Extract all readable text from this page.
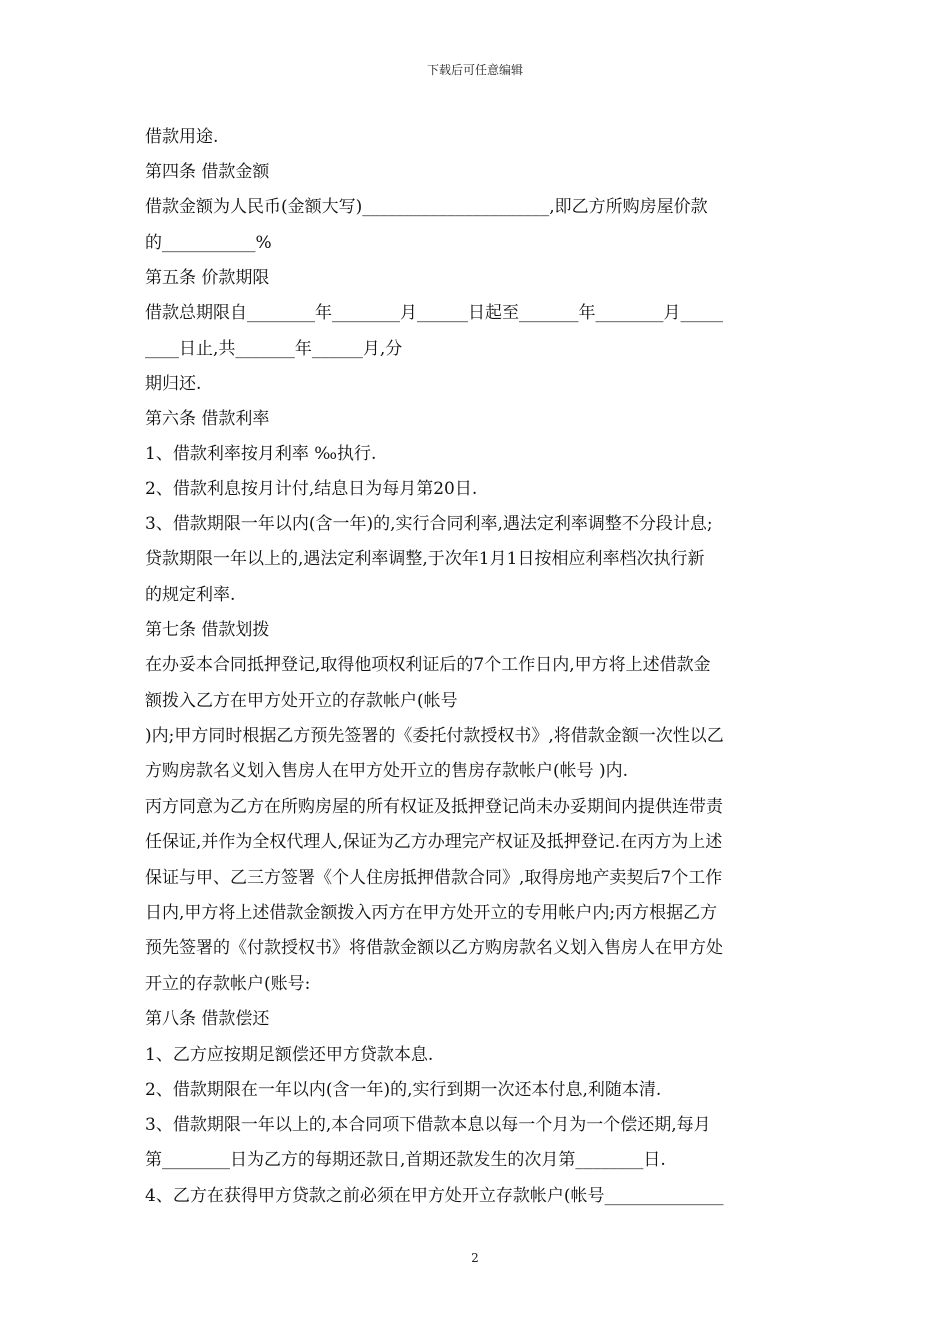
下载后可任意编辑
借款用途.
第四条 借款金额
借款金额为人民币(金额大写)______________________,即乙方所购房屋价款
的___________%
第五条 价款期限
借款总期限自________年________月______日起至_______年________月_____
____日止,共_______年______月,分
期归还.
第六条 借款利率
1、借款利率按月利率 ‰执行.
2、借款利息按月计付,结息日为每月第20日.
3、借款期限一年以内(含一年)的,实行合同利率,遇法定利率调整不分段计息;
贷款期限一年以上的,遇法定利率调整,于次年1月1日按相应利率档次执行新
的规定利率.
第七条 借款划拨
在办妥本合同抵押登记,取得他项权利证后的7个工作日内,甲方将上述借款金
额拨入乙方在甲方处开立的存款帐户(帐号
)内;甲方同时根据乙方预先签署的《委托付款授权书》,将借款金额一次性以乙
方购房款名义划入售房人在甲方处开立的售房存款帐户(帐号 )内.
丙方同意为乙方在所购房屋的所有权证及抵押登记尚未办妥期间内提供连带责
任保证,并作为全权代理人,保证为乙方办理完产权证及抵押登记.在丙方为上述
保证与甲、乙三方签署《个人住房抵押借款合同》,取得房地产卖契后7个工作
日内,甲方将上述借款金额拨入丙方在甲方处开立的专用帐户内;丙方根据乙方
预先签署的《付款授权书》将借款金额以乙方购房款名义划入售房人在甲方处
开立的存款帐户(账号:
第八条 借款偿还
1、乙方应按期足额偿还甲方贷款本息.
2、借款期限在一年以内(含一年)的,实行到期一次还本付息,利随本清.
3、借款期限一年以上的,本合同项下借款本息以每一个月为一个偿还期,每月
第________日为乙方的每期还款日,首期还款发生的次月第________日.
4、乙方在获得甲方贷款之前必须在甲方处开立存款帐户(帐号______________
2
